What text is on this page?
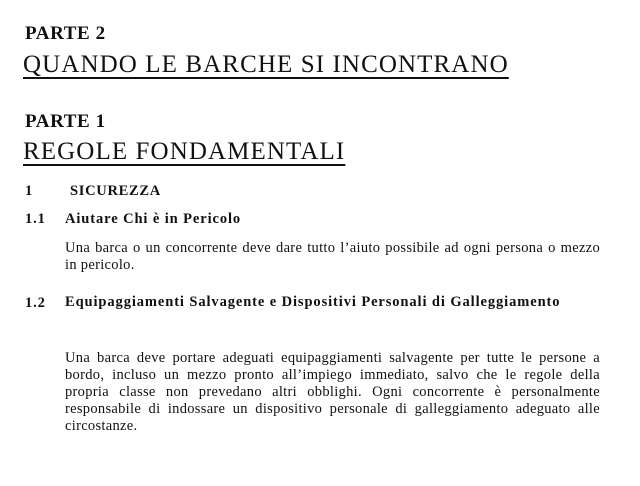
PARTE 2
QUANDO LE BARCHE SI INCONTRANO
PARTE 1
REGOLE FONDAMENTALI
1	SICUREZZA
1.1 Aiutare Chi è in Pericolo

Una barca o un concorrente deve dare tutto l’aiuto possibile ad ogni persona o mezzo in pericolo.

1.2 Equipaggiamenti Salvagente e Dispositivi Personali di Galleggiamento

Una barca deve portare adeguati equipaggiamenti salvagente per tutte le persone a bordo, incluso un mezzo pronto all’impiego immediato, salvo che le regole della propria classe non prevedano altri obblighi. Ogni concorrente è personalmente responsabile di indossare un dispositivo personale di galleggiamento adeguato alle circostanze.
